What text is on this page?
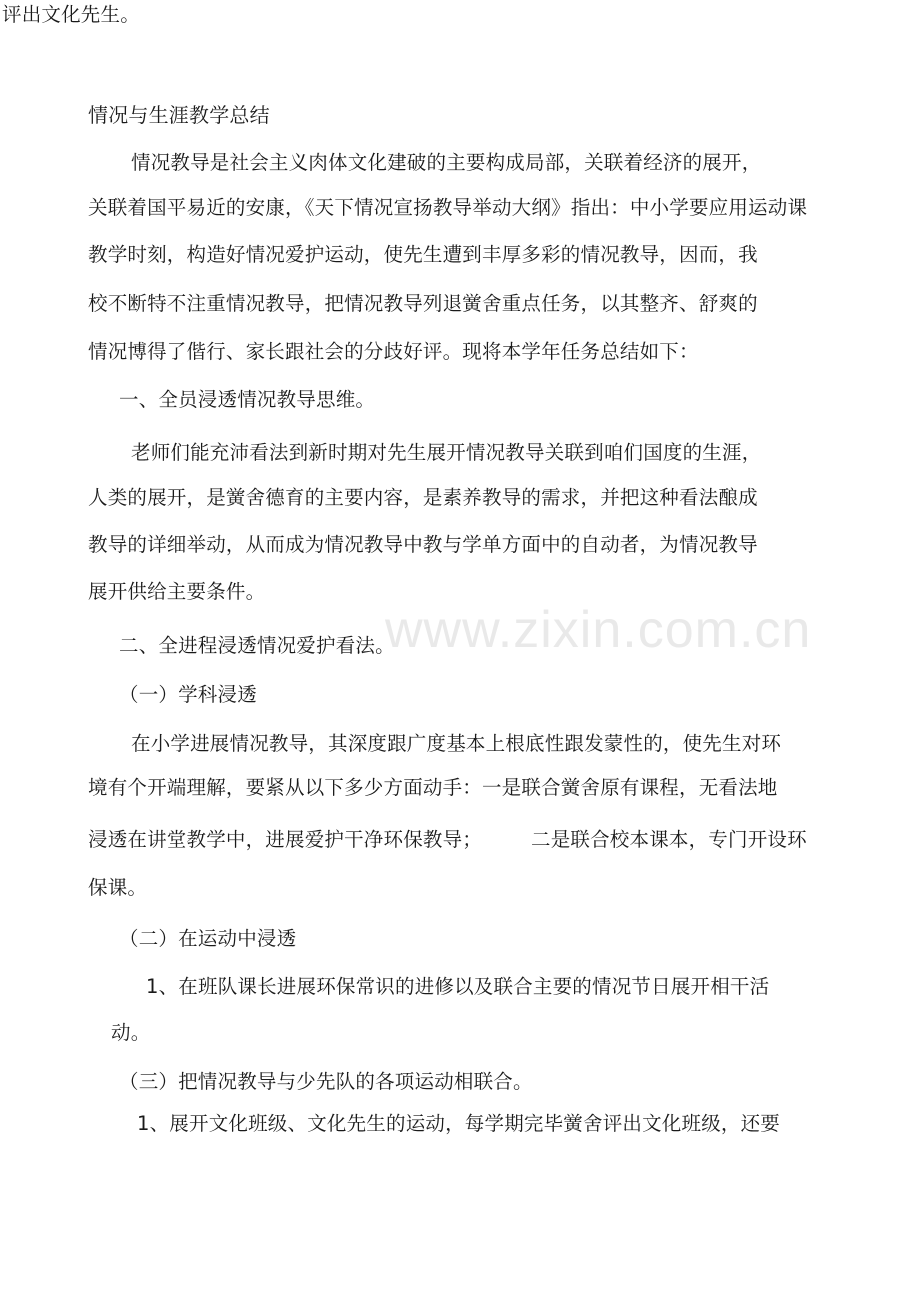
评出文化先生。
情况与生涯教学总结
情况教导是社会主义肉体文化建破的主要构成局部，关联着经济的展开，
关联着国平易近的安康，《天下情况宣扬教导举动大纲》指出：中小学要应用运动课
教学时刻，构造好情况爱护运动，使先生遭到丰厚多彩的情况教导，因而，我
校不断特不注重情况教导，把情况教导列退黉舍重点任务，以其整齐、舒爽的
情况博得了偕行、家长跟社会的分歧好评。现将本学年任务总结如下：
一、全员浸透情况教导思维。
老师们能充沛看法到新时期对先生展开情况教导关联到咱们国度的生涯，
人类的展开，是黉舍德育的主要内容，是素养教导的需求，并把这种看法酿成
教导的详细举动，从而成为情况教导中教与学单方面中的自动者，为情况教导
展开供给主要条件。
www.zixin.com.cn
二、全进程浸透情况爱护看法。
（一）学科浸透
在小学进展情况教导，其深度跟广度基本上根底性跟发蒙性的，使先生对环
境有个开端理解，要紧从以下多少方面动手：一是联合黉舍原有课程，无看法地
浸透在讲堂教学中，进展爱护干净环保教导；	二是联合校本课本，专门开设环
保课。
（二）在运动中浸透
1、在班队课长进展环保常识的进修以及联合主要的情况节日展开相干活
动。
（三）把情况教导与少先队的各项运动相联合。
1、展开文化班级、文化先生的运动，每学期完毕黉舍评出文化班级，还要
